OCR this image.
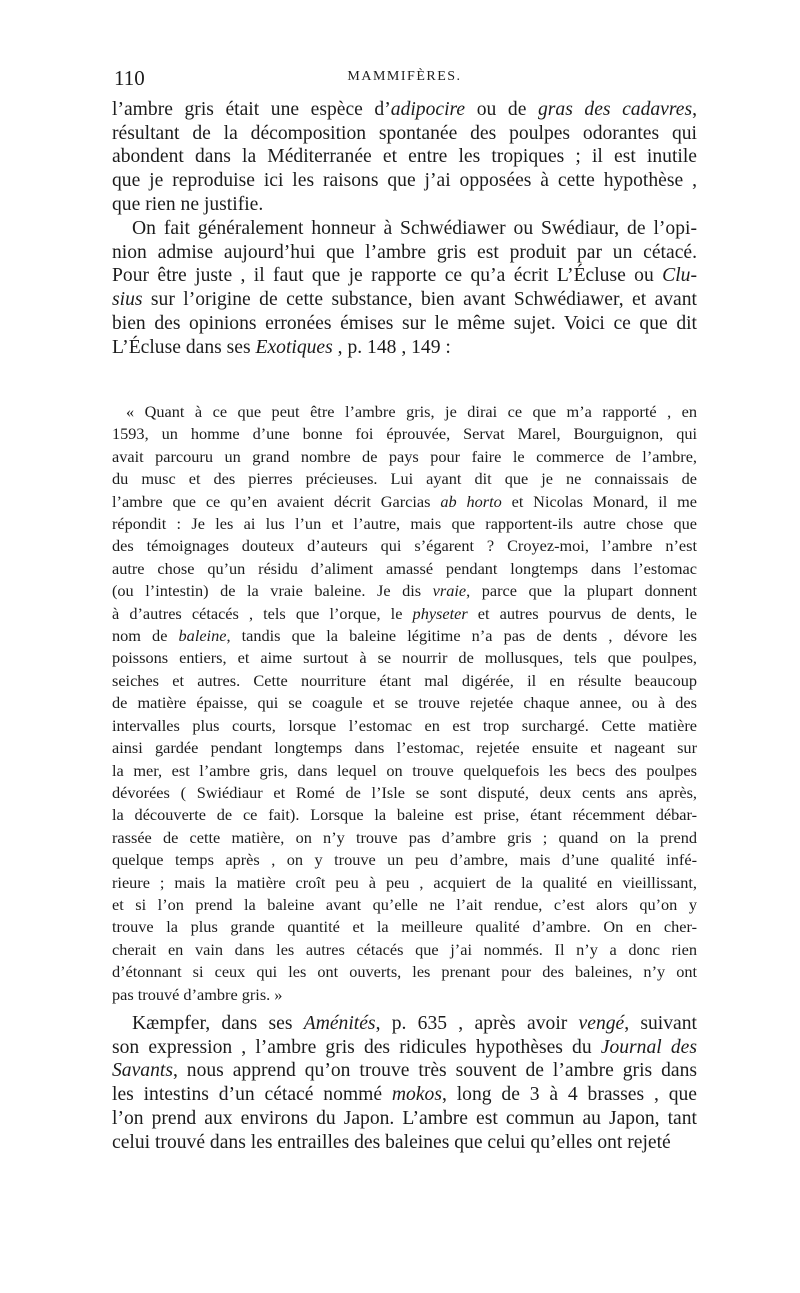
110	MAMMIFÈRES.
l’ambre gris était une espèce d’adipocire ou de gras des cadavres,
résultant de la décomposition spontanée des poulpes odorantes qui
abondent dans la Méditerranée et entre les tropiques ; il est inutile
que je reproduise ici les raisons que j’ai opposées à cette hypothèse ,
que rien ne justifie.
On fait généralement honneur à Schwédiawer ou Swédiaur, de l’opi-
nion admise aujourd’hui que l’ambre gris est produit par un cétacé.
Pour être juste , il faut que je rapporte ce qu’a écrit L’Écluse ou Clu-
sius sur l’origine de cette substance, bien avant Schwédiawer, et avant
bien des opinions erronées émises sur le même sujet. Voici ce que dit
L’Écluse dans ses Exotiques , p. 148 , 149 :
« Quant à ce que peut être l’ambre gris, je dirai ce que m’a rapporté , en
1593, un homme d’une bonne foi éprouvée, Servat Marel, Bourguignon, qui
avait parcouru un grand nombre de pays pour faire le commerce de l’ambre,
du musc et des pierres précieuses. Lui ayant dit que je ne connaissais de
l’ambre que ce qu’en avaient décrit Garcias ab horto et Nicolas Monard, il me
répondit : Je les ai lus l’un et l’autre, mais que rapportent-ils autre chose que
des témoignages douteux d’auteurs qui s’égarent ? Croyez-moi, l’ambre n’est
autre chose qu’un résidu d’aliment amassé pendant longtemps dans l’estomac
(ou l’intestin) de la vraie baleine. Je dis vraie, parce que la plupart donnent
à d’autres cétacés , tels que l’orque, le physeter et autres pourvus de dents, le
nom de baleine, tandis que la baleine légitime n’a pas de dents , dévore les
poissons entiers, et aime surtout à se nourrir de mollusques, tels que poulpes,
seiches et autres. Cette nourriture étant mal digérée, il en résulte beaucoup
de matière épaisse, qui se coagule et se trouve rejetée chaque annee, ou à des
intervalles plus courts, lorsque l’estomac en est trop surchargé. Cette matière
ainsi gardée pendant longtemps dans l’estomac, rejetée ensuite et nageant sur
la mer, est l’ambre gris, dans lequel on trouve quelquefois les becs des poulpes
dévorées ( Swiédiaur et Romé de l’Isle se sont disputé, deux cents ans après,
la découverte de ce fait). Lorsque la baleine est prise, étant récemment débar-
rassée de cette matière, on n’y trouve pas d’ambre gris ; quand on la prend
quelque temps après , on y trouve un peu d’ambre, mais d’une qualité infé-
rieure ; mais la matière croît peu à peu , acquiert de la qualité en vieillissant,
et si l’on prend la baleine avant qu’elle ne l’ait rendue, c’est alors qu’on y
trouve la plus grande quantité et la meilleure qualité d’ambre. On en cher-
cherait en vain dans les autres cétacés que j’ai nommés. Il n’y a donc rien
d’étonnant si ceux qui les ont ouverts, les prenant pour des baleines, n’y ont
pas trouvé d’ambre gris. »
Kæmpfer, dans ses Aménités, p. 635 , après avoir vengé, suivant
son expression , l’ambre gris des ridicules hypothèses du Journal des
Savants, nous apprend qu’on trouve très souvent de l’ambre gris dans
les intestins d’un cétacé nommé mokos, long de 3 à 4 brasses , que
l’on prend aux environs du Japon. L’ambre est commun au Japon, tant
celui trouvé dans les entrailles des baleines que celui qu’elles ont rejeté
